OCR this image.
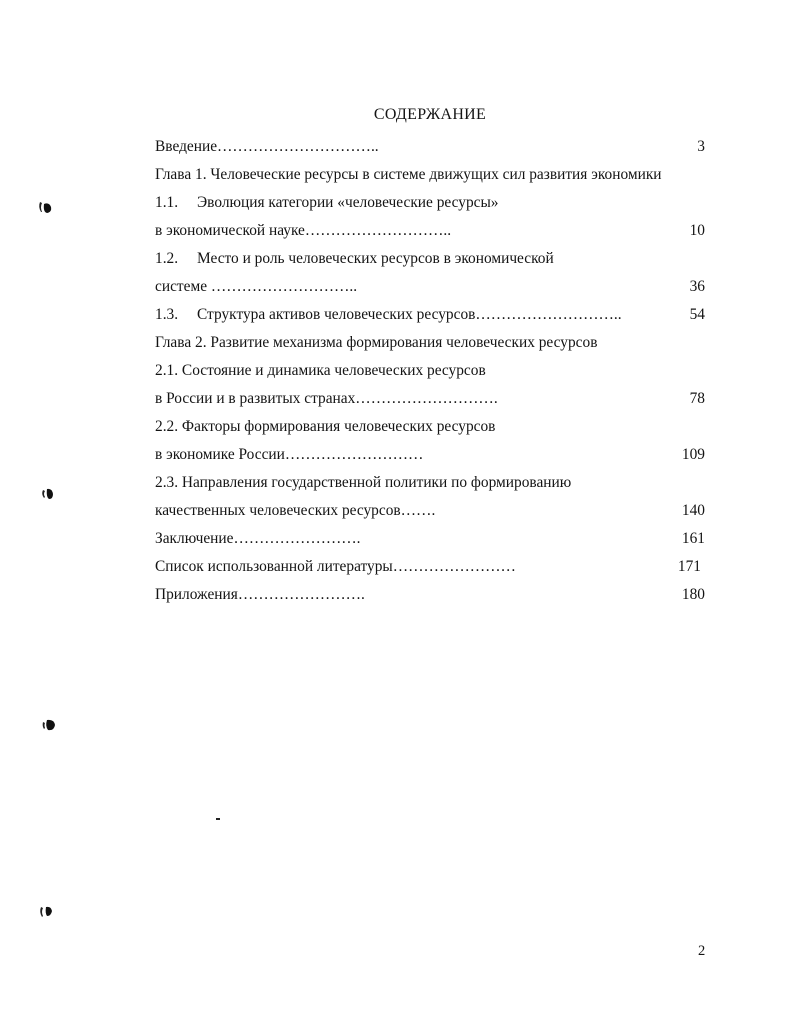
СОДЕРЖАНИЕ
Введение…………………………..	3
Глава 1. Человеческие ресурсы в системе движущих сил развития экономики
1.1. Эволюция категории «человеческие ресурсы»
в экономической науке………………………..	10
1.2. Место и роль человеческих ресурсов в экономической
системе ………………………..	36
1.3. Структура активов человеческих ресурсов………………………..	54
Глава 2. Развитие механизма формирования человеческих ресурсов
2.1. Состояние и динамика человеческих ресурсов
в России и в развитых странах……………………….	78
2.2. Факторы формирования человеческих ресурсов
в экономике России………………………	109
2.3. Направления государственной политики по формированию
качественных человеческих ресурсов…….	140
Заключение…………………….	161
Список использованной литературы……………………	171
Приложения…………………….	180
2
